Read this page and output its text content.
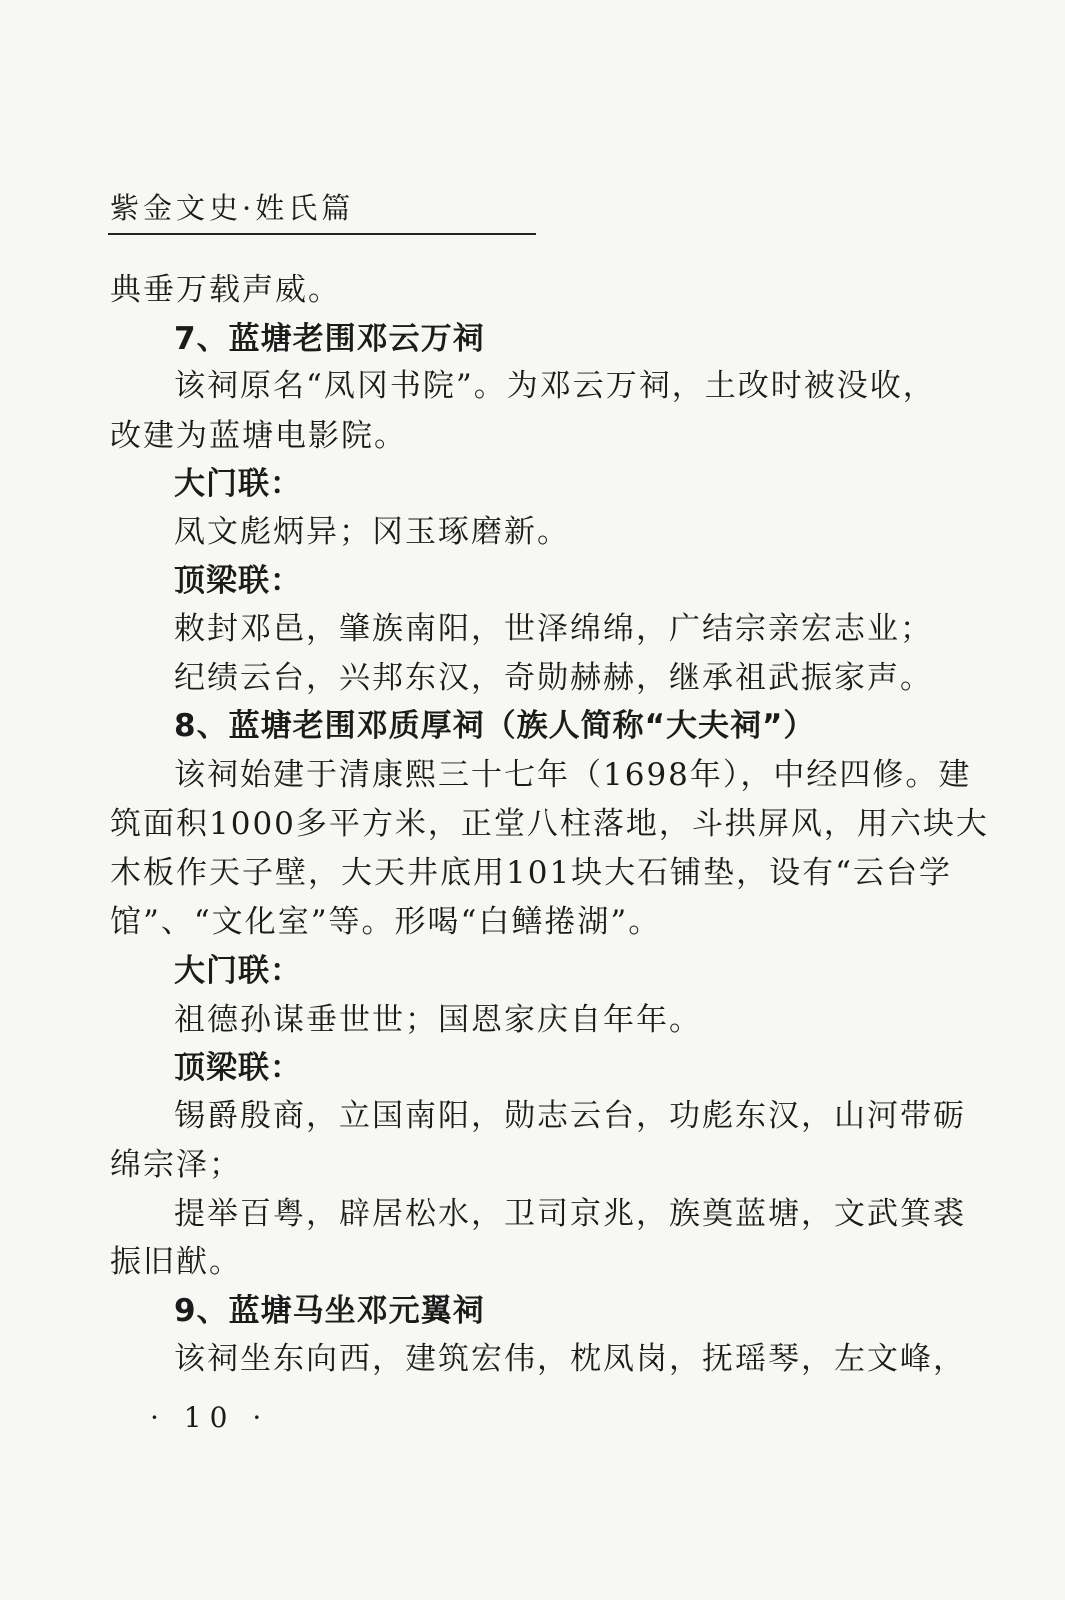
紫金文史·姓氏篇
典垂万载声威。
7、蓝塘老围邓云万祠
该祠原名“凤冈书院”。为邓云万祠，土改时被没收，
改建为蓝塘电影院。
大门联：
凤文彪炳异；冈玉琢磨新。
顶梁联：
敕封邓邑，肇族南阳，世泽绵绵，广结宗亲宏志业；
纪绩云台，兴邦东汉，奇勋赫赫，继承祖武振家声。
8、蓝塘老围邓质厚祠（族人简称“大夫祠”）
该祠始建于清康熙三十七年（1698年），中经四修。建
筑面积1000多平方米，正堂八柱落地，斗拱屏风，用六块大
木板作天子壁，大天井底用101块大石铺垫，设有“云台学
馆”、“文化室”等。形喝“白鳝捲湖”。
大门联：
祖德孙谋垂世世；国恩家庆自年年。
顶梁联：
锡爵殷商，立国南阳，勋志云台，功彪东汉，山河带砺
绵宗泽；
提举百粤，辟居松水，卫司京兆，族奠蓝塘，文武箕裘
振旧猷。
9、蓝塘马坐邓元翼祠
该祠坐东向西，建筑宏伟，枕凤岗，抚瑶琴，左文峰，
· 10 ·
